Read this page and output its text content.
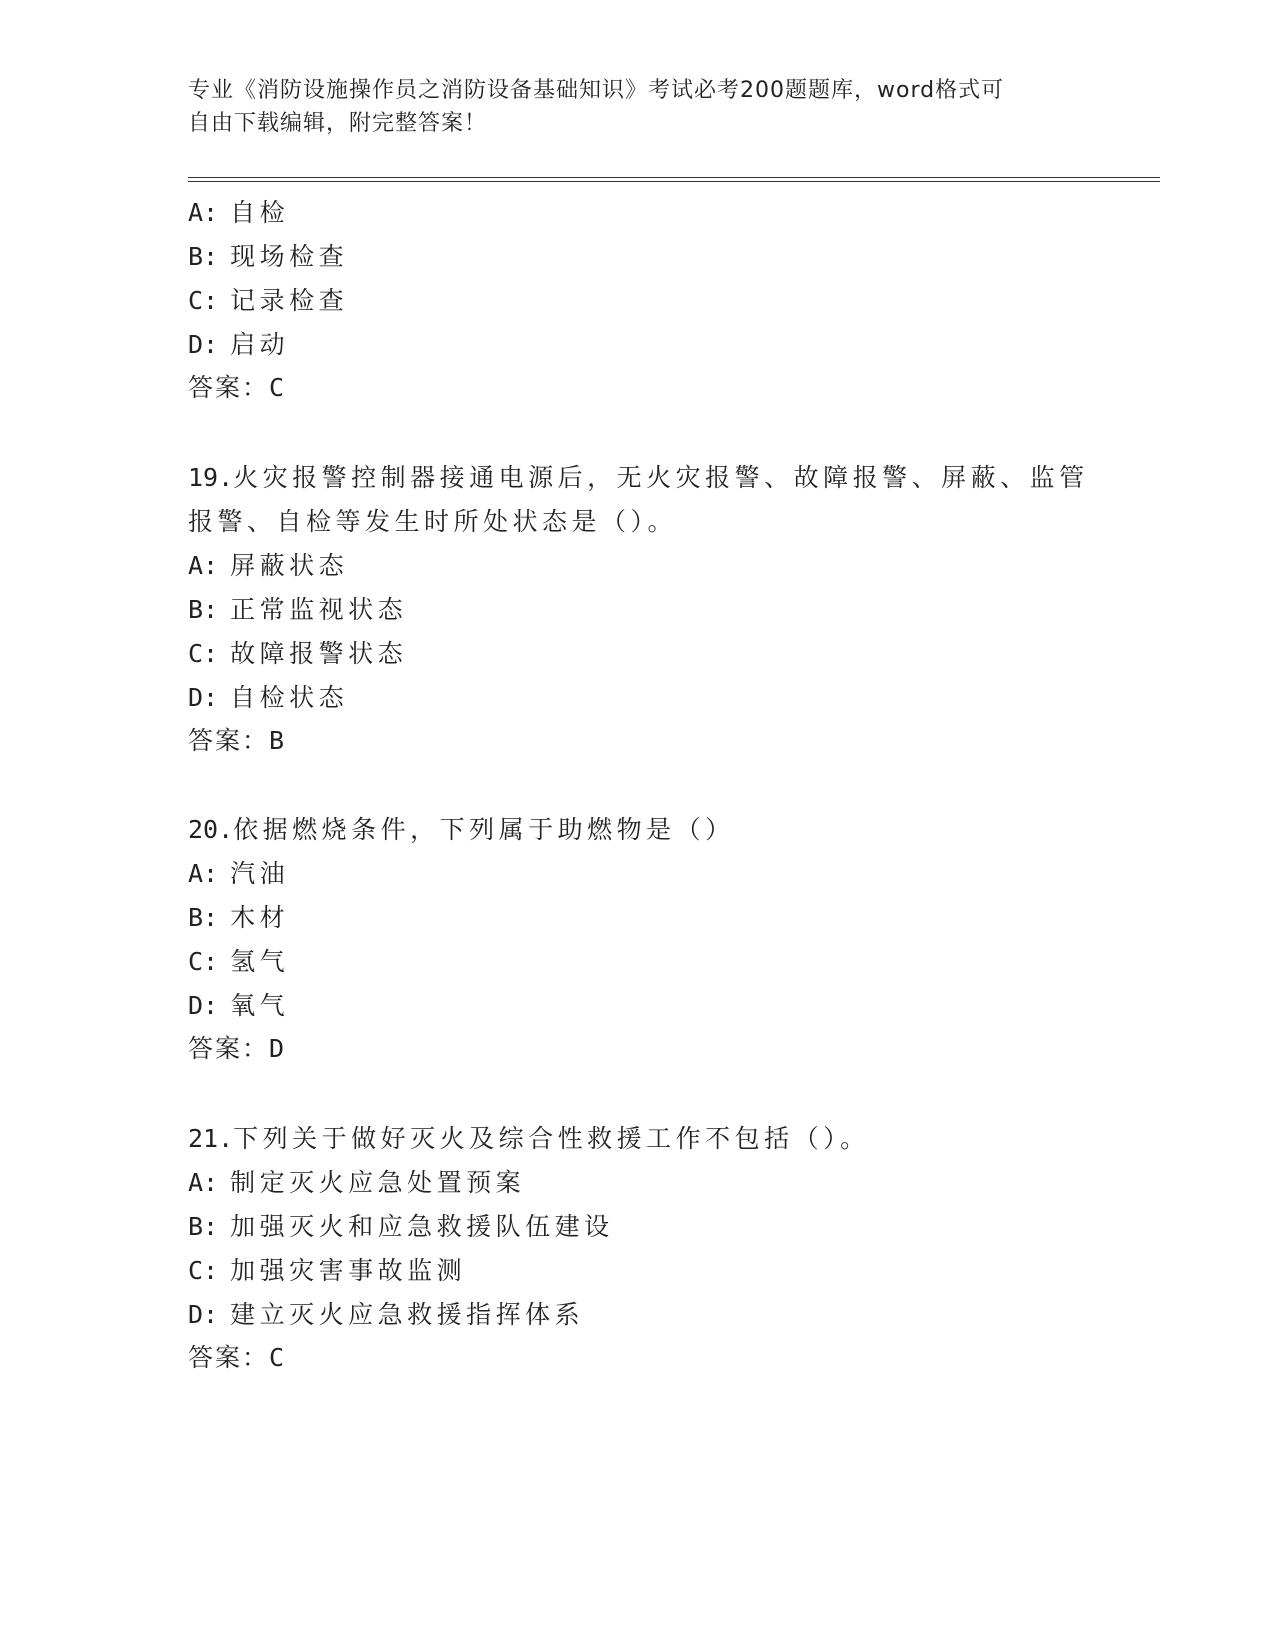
专业《消防设施操作员之消防设备基础知识》考试必考200题题库，word格式可
自由下载编辑，附完整答案！
A: 自检
B: 现场检查
C: 记录检查
D: 启动
答案：C
19.火灾报警控制器接通电源后，无火灾报警、故障报警、屏蔽、监管
报警、自检等发生时所处状态是（）。
A: 屏蔽状态
B: 正常监视状态
C: 故障报警状态
D: 自检状态
答案：B
20.依据燃烧条件，下列属于助燃物是（）
A: 汽油
B: 木材
C: 氢气
D: 氧气
答案：D
21.下列关于做好灭火及综合性救援工作不包括（）。
A: 制定灭火应急处置预案
B: 加强灭火和应急救援队伍建设
C: 加强灾害事故监测
D: 建立灭火应急救援指挥体系
答案：C
